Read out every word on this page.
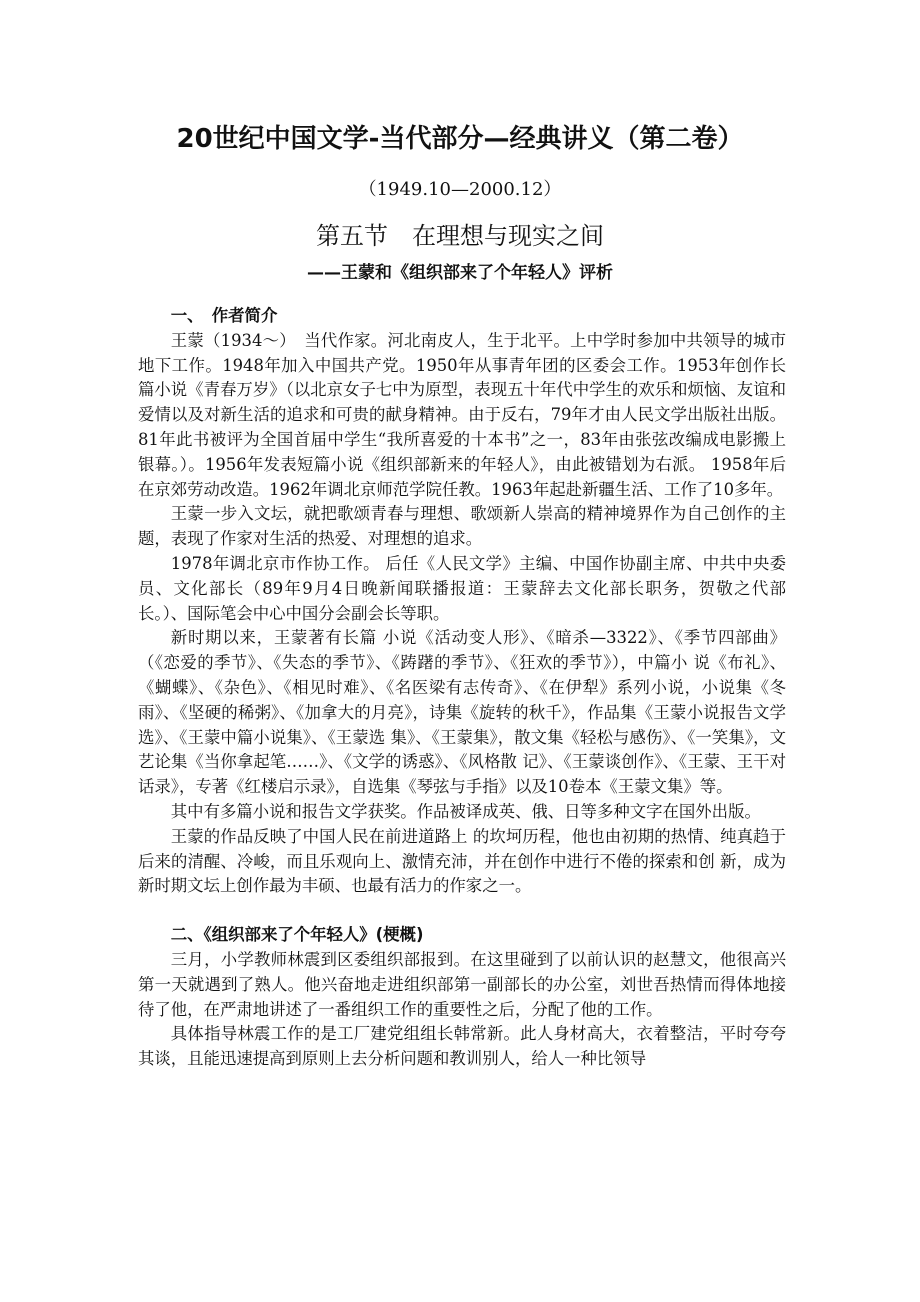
20世纪中国文学-当代部分—经典讲义（第二卷）
（1949.10—2000.12）
第五节　在理想与现实之间
——王蒙和《组织部来了个年轻人》评析
一、　作者简介

王蒙（1934～）　当代作家。河北南皮人，生于北平。上中学时参加中共领导的城市地下工作。1948年加入中国共产党。1950年从事青年团的区委会工作。1953年创作长篇小说《青春万岁》（以北京女子七中为原型，表现五十年代中学生的欢乐和烦恼、友谊和爱情以及对新生活的追求和可贵的献身精神。由于反右，79年才由人民文学出版社出版。81年此书被评为全国首届中学生“我所喜爱的十本书”之一，83年由张弦改编成电影搬上银幕。）。1956年发表短篇小说《组织部新来的年轻人》，由此被错划为右派。 1958年后在京郊劳动改造。1962年调北京师范学院任教。1963年起赴新疆生活、工作了10多年。

王蒙一步入文坛，就把歌颂青春与理想、歌颂新人崇高的精神境界作为自己创作的主题，表现了作家对生活的热爱、对理想的追求。

1978年调北京市作协工作。 后任《人民文学》主编、中国作协副主席、中共中央委员、文化部长（89年9月4日晚新闻联播报道：王蒙辞去文化部长职务，贺敬之代部长。）、国际笔会中心中国分会副会长等职。

新时期以来，王蒙著有长篇 小说《活动变人形》、《暗杀—3322》、《季节四部曲》（《恋爱的季节》、《失态的季节》、《踌躇的季节》、《狂欢的季节》），中篇小 说《布礼》、《蝴蝶》、《杂色》、《相见时难》、《名医梁有志传奇》、《在伊犁》系列小说，小说集《冬雨》、《坚硬的稀粥》、《加拿大的月亮》，诗集《旋转的秋千》，作品集《王蒙小说报告文学选》、《王蒙中篇小说集》、《王蒙选 集》、《王蒙集》，散文集《轻松与感伤》、《一笑集》，文艺论集《当你拿起笔……》、《文学的诱惑》、《风格散 记》、《王蒙谈创作》、《王蒙、王干对话录》，专著《红楼启示录》，自选集《琴弦与手指》以及10卷本《王蒙文集》等。

其中有多篇小说和报告文学获奖。作品被译成英、俄、日等多种文字在国外出版。

王蒙的作品反映了中国人民在前进道路上 的坎坷历程，他也由初期的热情、纯真趋于后来的清醒、冷峻，而且乐观向上、激情充沛，并在创作中进行不倦的探索和创 新，成为新时期文坛上创作最为丰硕、也最有活力的作家之一。

二、《组织部来了个年轻人》(梗概)

三月，小学教师林震到区委组织部报到。在这里碰到了以前认识的赵慧文，他很高兴第一天就遇到了熟人。他兴奋地走进组织部第一副部长的办公室，刘世吾热情而得体地接待了他，在严肃地讲述了一番组织工作的重要性之后，分配了他的工作。

具体指导林震工作的是工厂建党组组长韩常新。此人身材高大，衣着整洁，平时夸夸其谈，且能迅速提高到原则上去分析问题和教训别人，给人一种比领导
